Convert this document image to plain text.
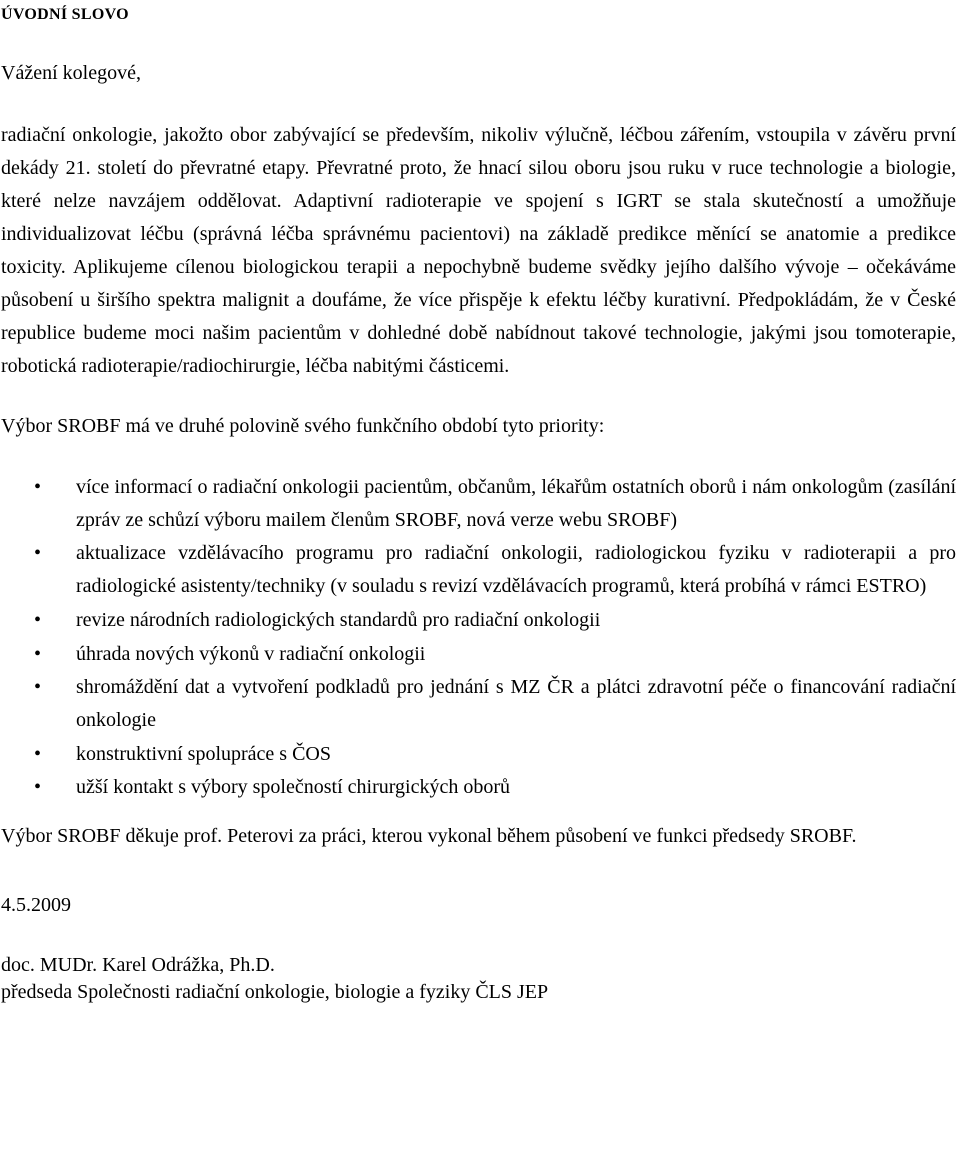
ÚVODNÍ SLOVO

Vážení kolegové,

radiační onkologie, jakožto obor zabývající se především, nikoliv výlučně, léčbou zářením, vstoupila v závěru první dekády 21. století do převratné etapy. Převratné proto, že hnací silou oboru jsou ruku v ruce technologie a biologie, které nelze navzájem oddělovat. Adaptivní radioterapie ve spojení s IGRT se stala skutečností a umožňuje individualizovat léčbu (správná léčba správnému pacientovi) na základě predikce měnící se anatomie a predikce toxicity. Aplikujeme cílenou biologickou terapii a nepochybně budeme svědky jejího dalšího vývoje – očekáváme působení u širšího spektra malignit a doufáme, že více přispěje k efektu léčby kurativní. Předpokládám, že v České republice budeme moci našim pacientům v dohledné době nabídnout takové technologie, jakými jsou tomoterapie, robotická radioterapie/radiochirurgie, léčba nabitými částicemi.

Výbor SROBF má ve druhé polovině svého funkčního období tyto priority:

• více informací o radiační onkologii pacientům, občanům, lékařům ostatních oborů i nám onkologům (zasílání zpráv ze schůzí výboru mailem členům SROBF, nová verze webu SROBF)
• aktualizace vzdělávacího programu pro radiační onkologii, radiologickou fyziku v radioterapii a pro radiologické asistenty/techniky (v souladu s revizí vzdělávacích programů, která probíhá v rámci ESTRO)
• revize národních radiologických standardů pro radiační onkologii
• úhrada nových výkonů v radiační onkologii
• shromáždění dat a vytvoření podkladů pro jednání s MZ ČR a plátci zdravotní péče o financování radiační onkologie
• konstruktivní spolupráce s ČOS
• užší kontakt s výbory společností chirurgických oborů

Výbor SROBF děkuje prof. Peterovi za práci, kterou vykonal během působení ve funkci předsedy SROBF.

4.5.2009

doc. MUDr. Karel Odrážka, Ph.D.

předseda Společnosti radiační onkologie, biologie a fyziky ČLS JEP
